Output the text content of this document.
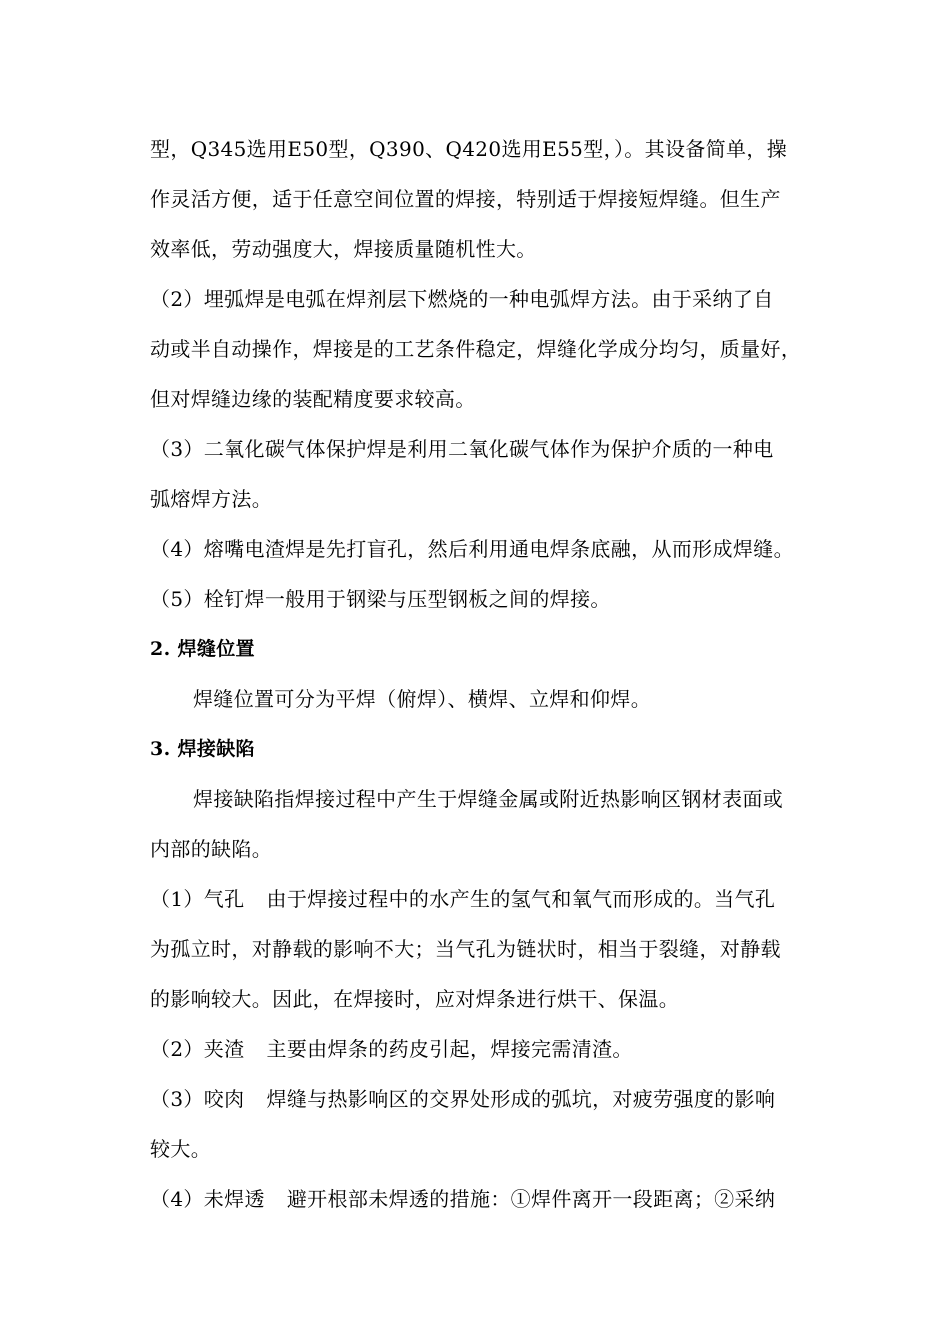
型，Q345选用E50型，Q390、Q420选用E55型，）。其设备简单，操
作灵活方便，适于任意空间位置的焊接，特别适于焊接短焊缝。但生产
效率低，劳动强度大，焊接质量随机性大。
（2）埋弧焊是电弧在焊剂层下燃烧的一种电弧焊方法。由于采纳了自
动或半自动操作，焊接是的工艺条件稳定，焊缝化学成分均匀，质量好，
但对焊缝边缘的装配精度要求较高。
（3）二氧化碳气体保护焊是利用二氧化碳气体作为保护介质的一种电
弧熔焊方法。
（4）熔嘴电渣焊是先打盲孔，然后利用通电焊条底融，从而形成焊缝。
（5）栓钉焊一般用于钢梁与压型钢板之间的焊接。
2. 焊缝位置
焊缝位置可分为平焊（俯焊）、横焊、立焊和仰焊。
3. 焊接缺陷
焊接缺陷指焊接过程中产生于焊缝金属或附近热影响区钢材表面或
内部的缺陷。
（1）气孔 由于焊接过程中的水产生的氢气和氧气而形成的。当气孔
为孤立时，对静载的影响不大；当气孔为链状时，相当于裂缝，对静载
的影响较大。因此，在焊接时，应对焊条进行烘干、保温。
（2）夹渣 主要由焊条的药皮引起，焊接完需清渣。
（3）咬肉 焊缝与热影响区的交界处形成的弧坑，对疲劳强度的影响
较大。
（4）未焊透 避开根部未焊透的措施：①焊件离开一段距离；②采纳
